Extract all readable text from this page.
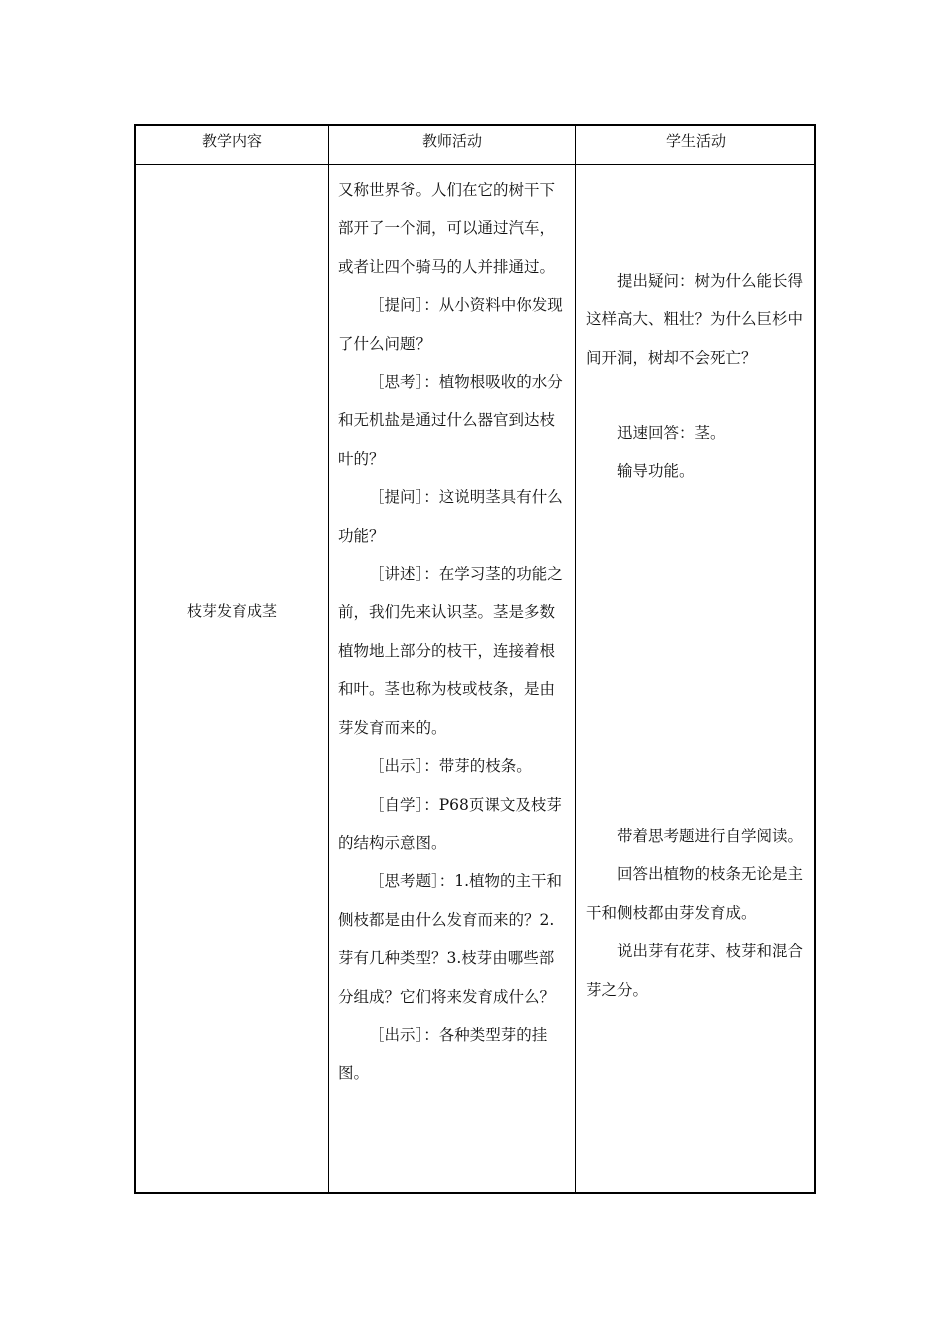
教学内容	教师活动	学生活动
枝芽发育成茎

又称世界爷。人们在它的树干下部开了一个洞，可以通过汽车，或者让四个骑马的人并排通过。

［提问］：从小资料中你发现了什么问题？

［思考］：植物根吸收的水分和无机盐是通过什么器官到达枝叶的？

［提问］：这说明茎具有什么功能？

［讲述］：在学习茎的功能之前，我们先来认识茎。茎是多数植物地上部分的枝干，连接着根和叶。茎也称为枝或枝条，是由芽发育而来的。

［出示］：带芽的枝条。

［自学］：P68页课文及枝芽的结构示意图。

［思考题］：1.植物的主干和侧枝都是由什么发育而来的？2.芽有几种类型？3.枝芽由哪些部分组成？它们将来发育成什么？

［出示］：各种类型芽的挂图。

提出疑问：树为什么能长得这样高大、粗壮？为什么巨杉中间开洞，树却不会死亡？

迅速回答：茎。

输导功能。

带着思考题进行自学阅读。

回答出植物的枝条无论是主干和侧枝都由芽发育成。

说出芽有花芽、枝芽和混合芽之分。
